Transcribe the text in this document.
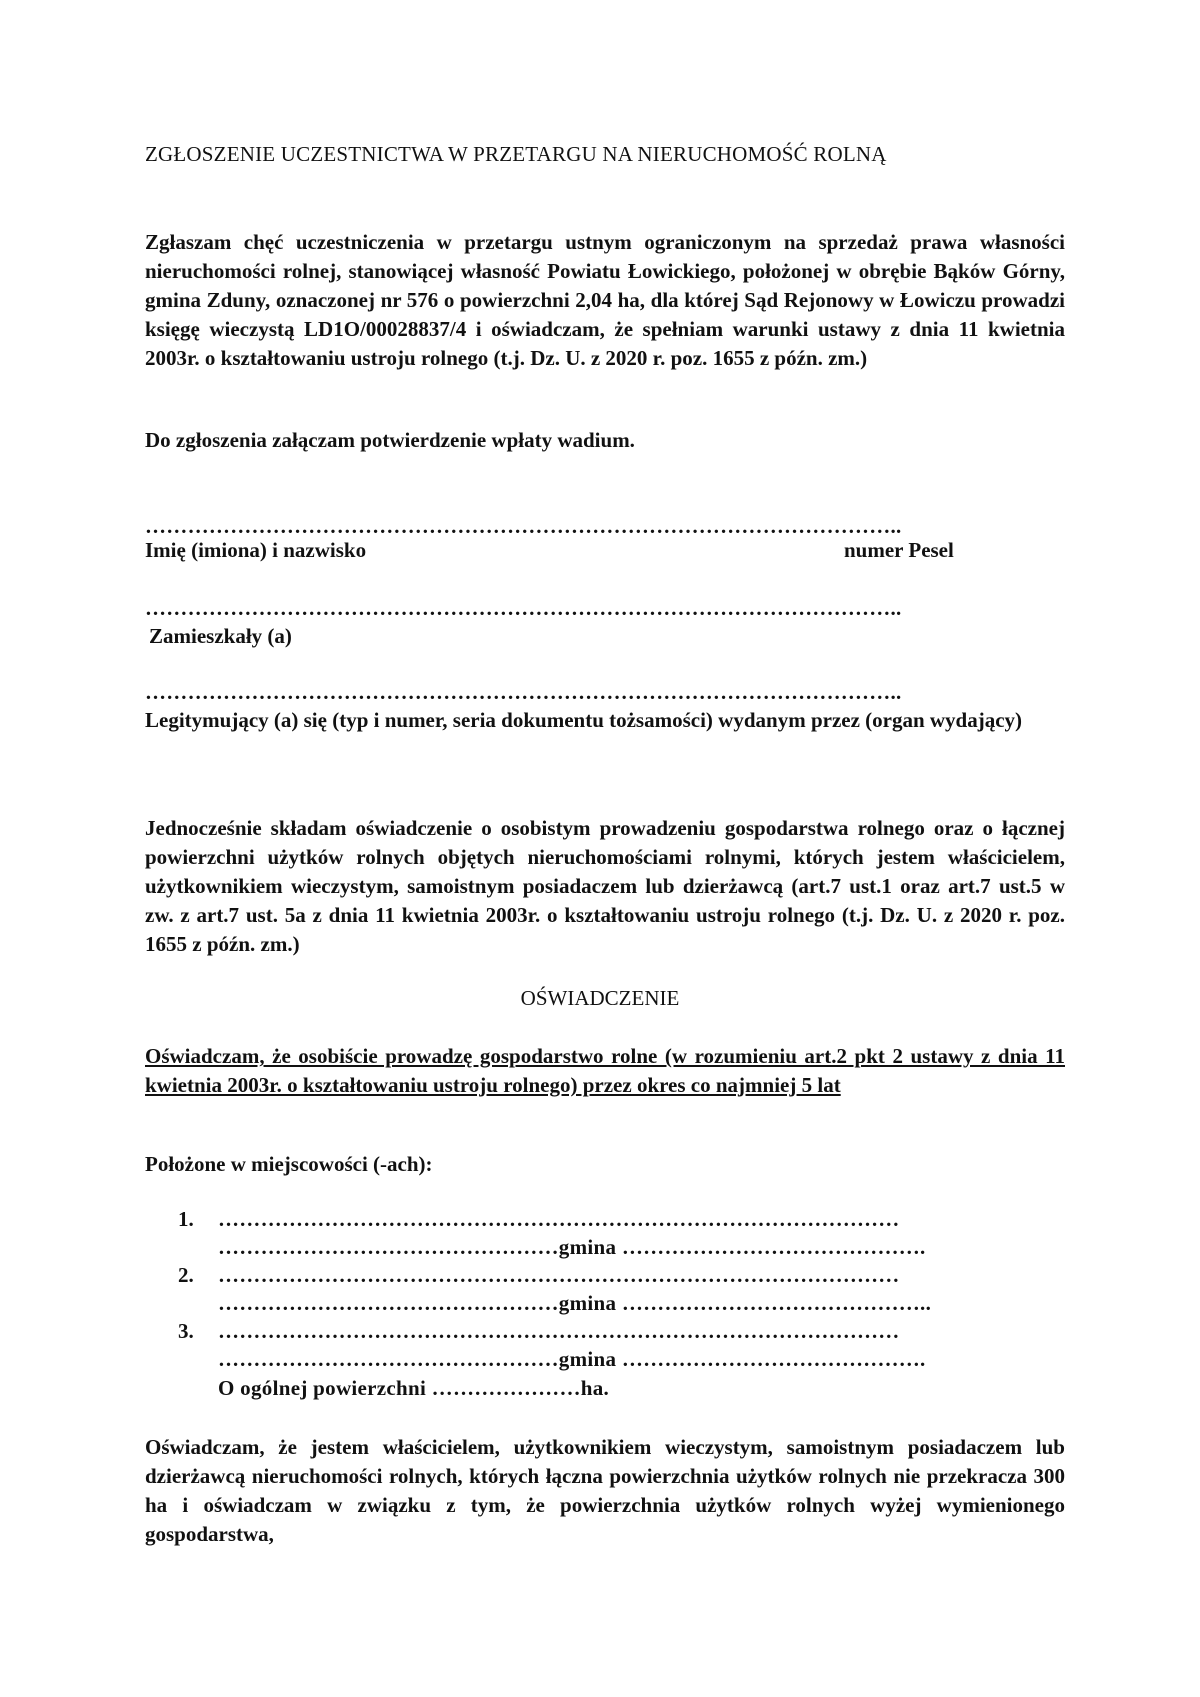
ZGŁOSZENIE UCZESTNICTWA W PRZETARGU NA NIERUCHOMOŚĆ ROLNĄ
Zgłaszam chęć uczestniczenia w przetargu ustnym ograniczonym na sprzedaż prawa własności nieruchomości rolnej, stanowiącej własność Powiatu Łowickiego, położonej w obrębie Bąków Górny, gmina Zduny, oznaczonej nr 576 o powierzchni 2,04 ha, dla której Sąd Rejonowy w Łowiczu prowadzi księgę wieczystą LD1O/00028837/4 i oświadczam, że spełniam warunki ustawy z dnia 11 kwietnia 2003r. o kształtowaniu ustroju rolnego (t.j. Dz. U. z 2020 r. poz. 1655 z późn. zm.)
Do zgłoszenia załączam potwierdzenie wpłaty wadium.
……………………………………………………………………………………………..
Imię (imiona) i nazwisko	numer Pesel
……………………………………………………………………………………………..
Zamieszkały (a)
……………………………………………………………………………………………..
Legitymujący (a) się (typ i numer, seria dokumentu tożsamości) wydanym przez (organ wydający)
Jednocześnie składam oświadczenie o osobistym prowadzeniu gospodarstwa rolnego oraz o łącznej powierzchni użytków rolnych objętych nieruchomościami rolnymi, których jestem właścicielem, użytkownikiem wieczystym, samoistnym posiadaczem lub dzierżawcą (art.7 ust.1 oraz art.7 ust.5 w zw. z art.7 ust. 5a z dnia 11 kwietnia 2003r. o kształtowaniu ustroju rolnego (t.j. Dz. U. z 2020 r. poz. 1655 z późn. zm.)
OŚWIADCZENIE
Oświadczam, że osobiście prowadzę gospodarstwo rolne (w rozumieniu art.2 pkt 2 ustawy z dnia 11 kwietnia 2003r. o kształtowaniu ustroju rolnego) przez okres co najmniej 5 lat
Położone w miejscowości (-ach):
1. ……………………………………………………………………………………
…………………………………………gmina …………………………………….
2. ……………………………………………………………………………………
…………………………………………gmina ……………………………………..
3. ……………………………………………………………………………………
…………………………………………gmina …………………………………….
O ogólnej powierzchni …………………ha.
Oświadczam, że jestem właścicielem, użytkownikiem wieczystym, samoistnym posiadaczem lub dzierżawcą nieruchomości rolnych, których łączna powierzchnia użytków rolnych nie przekracza 300 ha i oświadczam w związku z tym, że powierzchnia użytków rolnych wyżej wymienionego gospodarstwa,
